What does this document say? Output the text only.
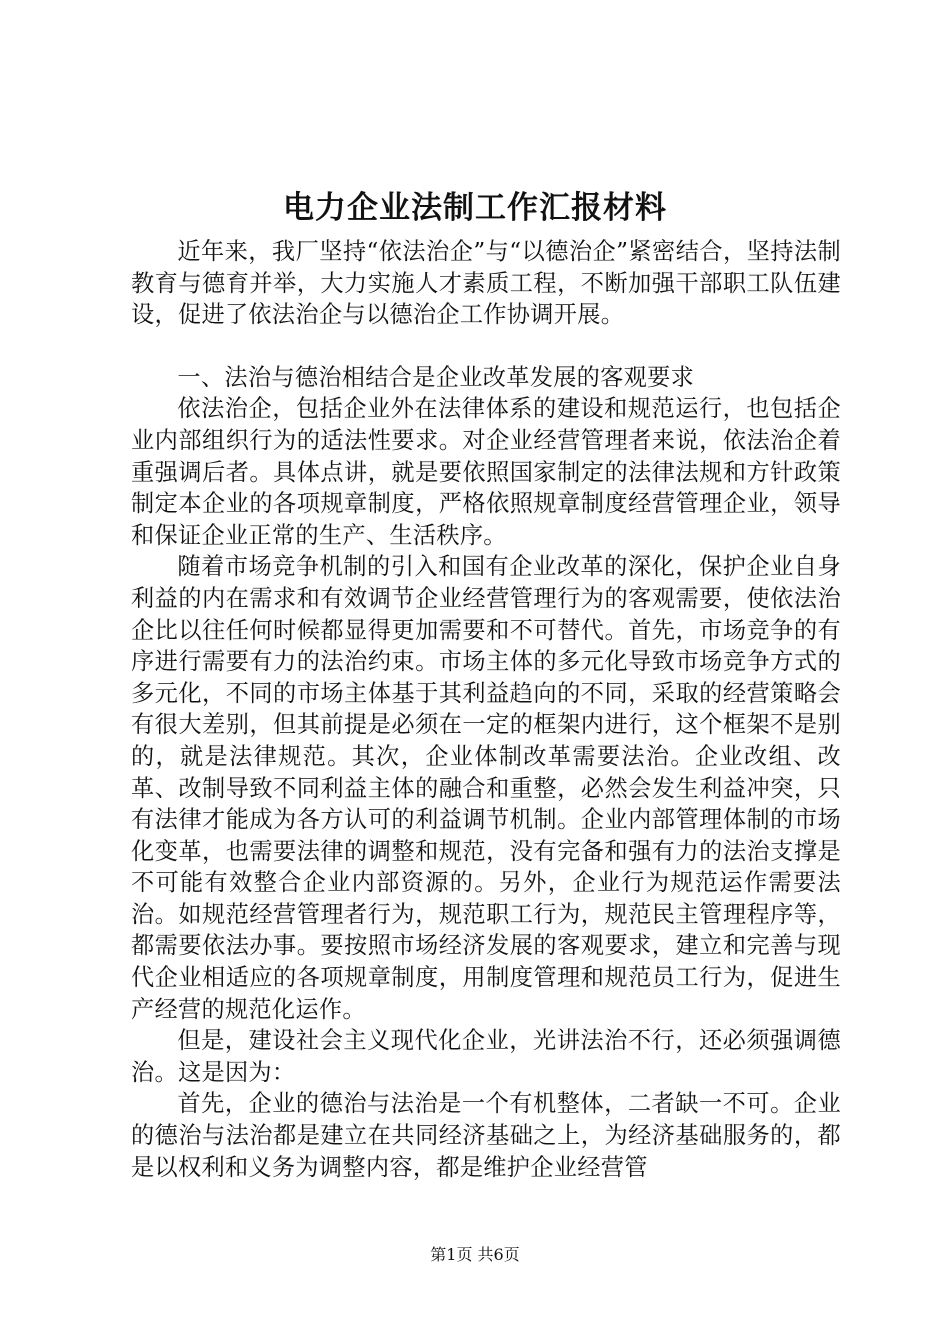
电力企业法制工作汇报材料

近年来，我厂坚持“依法治企”与“以德治企”紧密结合，坚持法制教育与德育并举，大力实施人才素质工程，不断加强干部职工队伍建设，促进了依法治企与以德治企工作协调开展。

一、法治与德治相结合是企业改革发展的客观要求

依法治企，包括企业外在法律体系的建设和规范运行，也包括企业内部组织行为的适法性要求。对企业经营管理者来说，依法治企着重强调后者。具体点讲，就是要依照国家制定的法律法规和方针政策制定本企业的各项规章制度，严格依照规章制度经营管理企业，领导和保证企业正常的生产、生活秩序。

随着市场竞争机制的引入和国有企业改革的深化，保护企业自身利益的内在需求和有效调节企业经营管理行为的客观需要，使依法治企比以往任何时候都显得更加需要和不可替代。首先，市场竞争的有序进行需要有力的法治约束。市场主体的多元化导致市场竞争方式的多元化，不同的市场主体基于其利益趋向的不同，采取的经营策略会有很大差别，但其前提是必须在一定的框架内进行，这个框架不是别的，就是法律规范。其次，企业体制改革需要法治。企业改组、改革、改制导致不同利益主体的融合和重整，必然会发生利益冲突，只有法律才能成为各方认可的利益调节机制。企业内部管理体制的市场化变革，也需要法律的调整和规范，没有完备和强有力的法治支撑是不可能有效整合企业内部资源的。另外，企业行为规范运作需要法治。如规范经营管理者行为，规范职工行为，规范民主管理程序等，都需要依法办事。要按照市场经济发展的客观要求，建立和完善与现代企业相适应的各项规章制度，用制度管理和规范员工行为，促进生产经营的规范化运作。

但是，建设社会主义现代化企业，光讲法治不行，还必须强调德治。这是因为：

首先，企业的德治与法治是一个有机整体，二者缺一不可。企业的德治与法治都是建立在共同经济基础之上，为经济基础服务的，都是以权利和义务为调整内容，都是维护企业经营管

第1页 共6页
